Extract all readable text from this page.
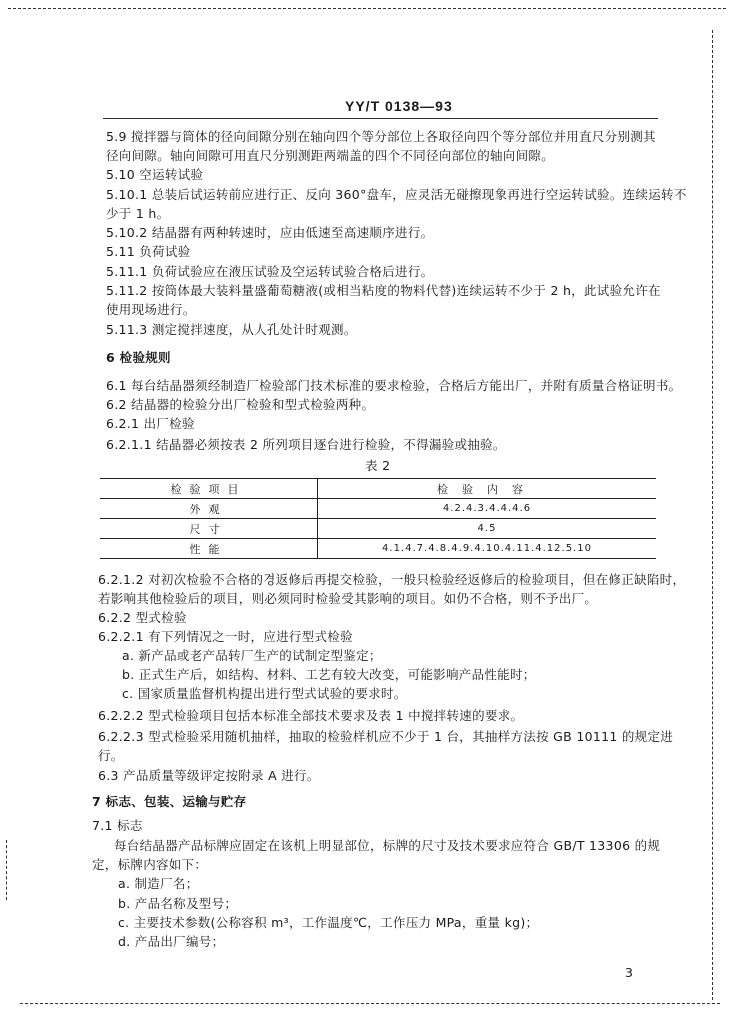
YY/T 0138—93
5.9 搅拌器与筒体的径向间隙分别在轴向四个等分部位上各取径向四个等分部位并用直尺分别测其
径向间隙。轴向间隙可用直尺分别测距两端盖的四个不同径向部位的轴向间隙。
5.10 空运转试验
5.10.1 总装后试运转前应进行正、反向 360°盘车，应灵活无碰擦现象再进行空运转试验。连续运转不
少于 1 h。
5.10.2 结晶器有两种转速时，应由低速至高速顺序进行。
5.11 负荷试验
5.11.1 负荷试验应在液压试验及空运转试验合格后进行。
5.11.2 按筒体最大装料量盛葡萄糖液(或相当粘度的物料代替)连续运转不少于 2 h，此试验允许在
使用现场进行。
5.11.3 测定搅拌速度，从人孔处计时观测。
6 检验规则
6.1 每台结晶器须经制造厂检验部门技术标准的要求检验，合格后方能出厂，并附有质量合格证明书。
6.2 结晶器的检验分出厂检验和型式检验两种。
6.2.1 出厂检验
6.2.1.1 结晶器必须按表 2 所列项目逐台进行检验，不得漏验或抽验。
表 2
检验项目	检验内容
外观	4.2.4.3.4.4.4.6
尺寸	4.5
性能	4.1.4.7.4.8.4.9.4.10.4.11.4.12.5.10
6.2.1.2 对初次检验不合格的경返修后再提交检验，一般只检验经返修后的检验项目，但在修正缺陷时，
若影响其他检验后的项目，则必须同时检验受其影响的项目。如仍不合格，则不予出厂。
6.2.2 型式检验
6.2.2.1 有下列情况之一时，应进行型式检验
a. 新产品或老产品转厂生产的试制定型鉴定；
b. 正式生产后，如结构、材料、工艺有较大改变，可能影响产品性能时；
c. 国家质量监督机构提出进行型式试验的要求时。
6.2.2.2 型式检验项目包括本标准全部技术要求及表 1 中搅拌转速的要求。
6.2.2.3 型式检验采用随机抽样，抽取的检验样机应不少于 1 台，其抽样方法按 GB 10111 的规定进
行。
6.3 产品质量等级评定按附录 A 进行。
7 标志、包装、运输与贮存
7.1 标志
每台结晶器产品标牌应固定在该机上明显部位，标牌的尺寸及技术要求应符合 GB/T 13306 的规
定，标牌内容如下：
a. 制造厂名；
b. 产品名称及型号；
c. 主要技术参数(公称容积 m³，工作温度℃，工作压力 MPa，重量 kg)；
d. 产品出厂编号；
3
